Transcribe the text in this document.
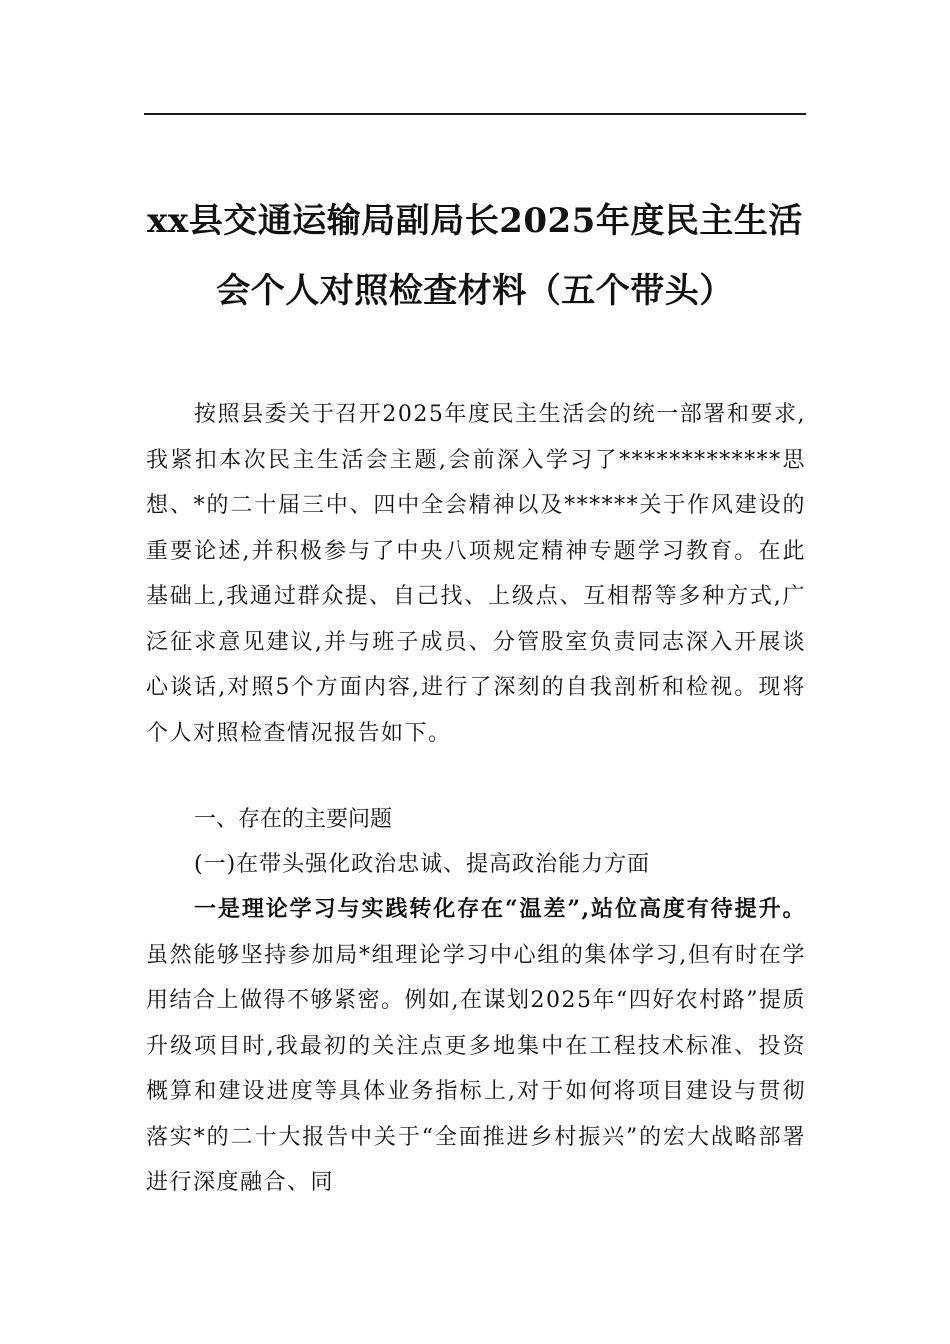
xx县交通运输局副局长2025年度民主生活
会个人对照检查材料（五个带头）

按照县委关于召开2025年度民主生活会的统一部署和要求,我紧扣本次民主生活会主题,会前深入学习了*************思想、*的二十届三中、四中全会精神以及******关于作风建设的重要论述,并积极参与了中央八项规定精神专题学习教育。在此基础上,我通过群众提、自己找、上级点、互相帮等多种方式,广泛征求意见建议,并与班子成员、分管股室负责同志深入开展谈心谈话,对照5个方面内容,进行了深刻的自我剖析和检视。现将个人对照检查情况报告如下。

一、存在的主要问题

(一)在带头强化政治忠诚、提高政治能力方面

一是理论学习与实践转化存在“温差”,站位高度有待提升。虽然能够坚持参加局*组理论学习中心组的集体学习,但有时在学用结合上做得不够紧密。例如,在谋划2025年“四好农村路”提质升级项目时,我最初的关注点更多地集中在工程技术标准、投资概算和建设进度等具体业务指标上,对于如何将项目建设与贯彻落实*的二十大报告中关于“全面推进乡村振兴”的宏大战略部署进行深度融合、同
